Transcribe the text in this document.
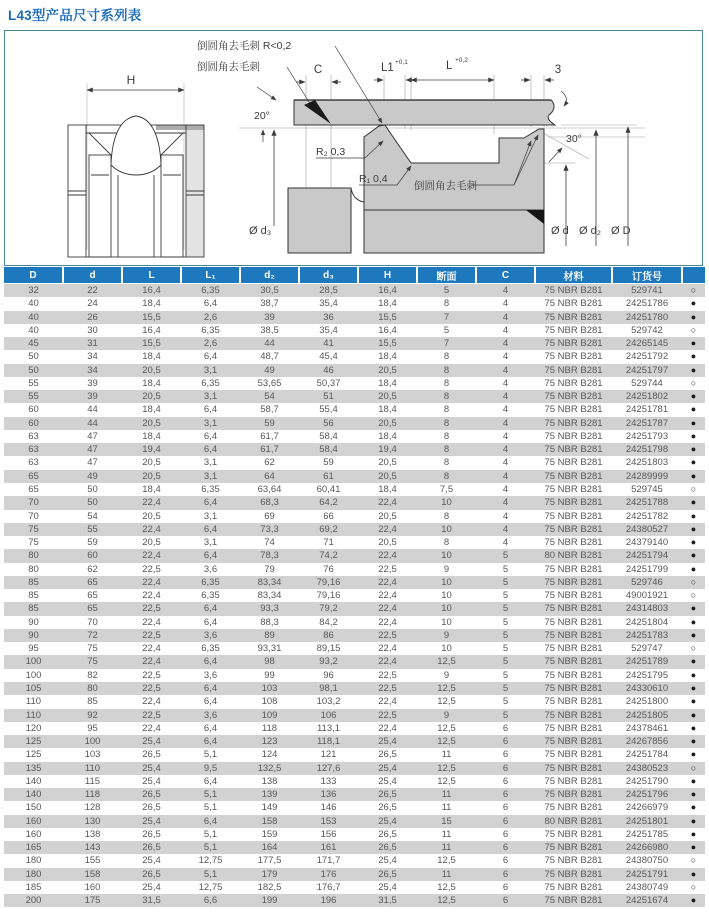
L43型产品尺寸系列表
H
倒圆角去毛刺 R<0,2
倒圆角去毛刺	C	L1 +0,1	L +0,2
3
20°
30°
R₂ 0,3
R₁ 0,4
倒圆角去毛刺
Ø d₃	Ø d Ø d₂ Ø D
D	d	L	L₁	d₂	d₃	H	断面	C	材料	订货号	
32	22	16,4	6,35	30,5	28,5	16,4	5	4	75 NBR B281	529741	○
40	24	18,4	6,4	38,7	35,4	18,4	8	4	75 NBR B281	24251786	●
40	26	15,5	2,6	39	36	15,5	7	4	75 NBR B281	24251780	●
40	30	16,4	6,35	38,5	35,4	16,4	5	4	75 NBR B281	529742	○
45	31	15,5	2,6	44	41	15,5	7	4	75 NBR B281	24265145	●
50	34	18,4	6,4	48,7	45,4	18,4	8	4	75 NBR B281	24251792	●
50	34	20,5	3,1	49	46	20,5	8	4	75 NBR B281	24251797	●
55	39	18,4	6,35	53,65	50,37	18,4	8	4	75 NBR B281	529744	○
55	39	20,5	3,1	54	51	20,5	8	4	75 NBR B281	24251802	●
60	44	18,4	6,4	58,7	55,4	18,4	8	4	75 NBR B281	24251781	●
60	44	20,5	3,1	59	56	20,5	8	4	75 NBR B281	24251787	●
63	47	18,4	6,4	61,7	58,4	18,4	8	4	75 NBR B281	24251793	●
63	47	19,4	6,4	61,7	58,4	19,4	8	4	75 NBR B281	24251798	●
63	47	20,5	3,1	62	59	20,5	8	4	75 NBR B281	24251803	●
65	49	20,5	3,1	64	61	20,5	8	4	75 NBR B281	24289999	●
65	50	18,4	6,35	63,64	60,41	18,4	7,5	4	75 NBR B281	529745	○
70	50	22,4	6,4	68,3	64,2	22,4	10	4	75 NBR B281	24251788	●
70	54	20,5	3,1	69	66	20,5	8	4	75 NBR B281	24251782	●
75	55	22,4	6,4	73,3	69,2	22,4	10	4	75 NBR B281	24380527	●
75	59	20,5	3,1	74	71	20,5	8	4	75 NBR B281	24379140	●
80	60	22,4	6,4	78,3	74,2	22,4	10	5	80 NBR B281	24251794	●
80	62	22,5	3,6	79	76	22,5	9	5	75 NBR B281	24251799	●
85	65	22,4	6,35	83,34	79,16	22,4	10	5	75 NBR B281	529746	○
85	65	22,4	6,35	83,34	79,16	22,4	10	5	75 NBR B281	49001921	○
85	65	22,5	6,4	93,3	79,2	22,4	10	5	75 NBR B281	24314803	●
90	70	22,4	6,4	88,3	84,2	22,4	10	5	75 NBR B281	24251804	●
90	72	22,5	3,6	89	86	22,5	9	5	75 NBR B281	24251783	●
95	75	22,4	6,35	93,31	89,15	22,4	10	5	75 NBR B281	529747	○
100	75	22,4	6,4	98	93,2	22,4	12,5	5	75 NBR B281	24251789	●
100	82	22,5	3,6	99	96	22,5	9	5	75 NBR B281	24251795	●
105	80	22,5	6,4	103	98,1	22,5	12,5	5	75 NBR B281	24330610	●
110	85	22,4	6,4	108	103,2	22,4	12,5	5	75 NBR B281	24251800	●
110	92	22,5	3,6	109	106	22,5	9	5	75 NBR B281	24251805	●
120	95	22,4	6,4	118	113,1	22,4	12,5	6	75 NBR B281	24378461	●
125	100	25,4	6,4	123	118,1	25,4	12,5	6	75 NBR B281	24267856	●
125	103	26,5	5,1	124	121	26,5	11	6	75 NBR B281	24251784	●
135	110	25,4	9,5	132,5	127,6	25,4	12,5	6	75 NBR B281	24380523	○
140	115	25,4	6,4	138	133	25,4	12,5	6	75 NBR B281	24251790	●
140	118	26,5	5,1	139	136	26,5	11	6	75 NBR B281	24251796	●
150	128	26,5	5,1	149	146	26,5	11	6	75 NBR B281	24266979	●
160	130	25,4	6,4	158	153	25,4	15	6	80 NBR B281	24251801	●
160	138	26,5	5,1	159	156	26,5	11	6	75 NBR B281	24251785	●
165	143	26,5	5,1	164	161	26,5	11	6	75 NBR B281	24266980	●
180	155	25,4	12,75	177,5	171,7	25,4	12,5	6	75 NBR B281	24380750	○
180	158	26,5	5,1	179	176	26,5	11	6	75 NBR B281	24251791	●
185	160	25,4	12,75	182,5	176,7	25,4	12,5	6	75 NBR B281	24380749	○
200	175	31,5	6,6	199	196	31,5	12,5	6	75 NBR B281	24251674	●
